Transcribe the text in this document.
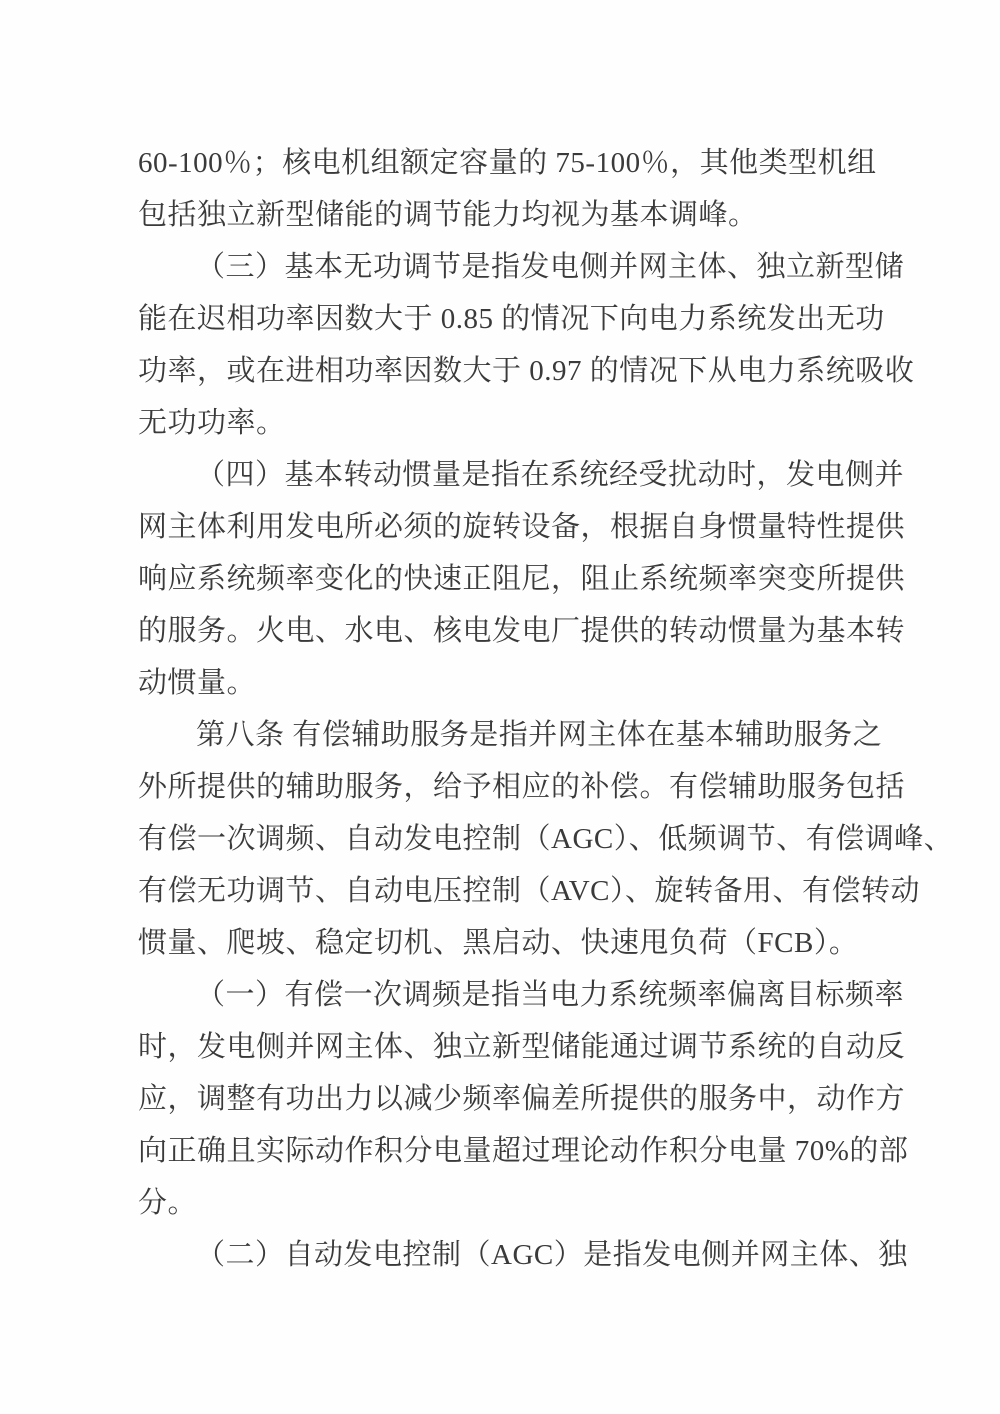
60-100％；核电机组额定容量的 75-100％，其他类型机组
包括独立新型储能的调节能力均视为基本调峰。
（三）基本无功调节是指发电侧并网主体、独立新型储
能在迟相功率因数大于 0.85 的情况下向电力系统发出无功
功率，或在进相功率因数大于 0.97 的情况下从电力系统吸收
无功功率。
（四）基本转动惯量是指在系统经受扰动时，发电侧并
网主体利用发电所必须的旋转设备，根据自身惯量特性提供
响应系统频率变化的快速正阻尼，阻止系统频率突变所提供
的服务。火电、水电、核电发电厂提供的转动惯量为基本转
动惯量。
第八条 有偿辅助服务是指并网主体在基本辅助服务之
外所提供的辅助服务，给予相应的补偿。有偿辅助服务包括
有偿一次调频、自动发电控制（AGC）、低频调节、有偿调峰、
有偿无功调节、自动电压控制（AVC）、旋转备用、有偿转动
惯量、爬坡、稳定切机、黑启动、快速甩负荷（FCB）。
（一）有偿一次调频是指当电力系统频率偏离目标频率
时，发电侧并网主体、独立新型储能通过调节系统的自动反
应，调整有功出力以减少频率偏差所提供的服务中，动作方
向正确且实际动作积分电量超过理论动作积分电量 70%的部
分。
（二）自动发电控制（AGC）是指发电侧并网主体、独
